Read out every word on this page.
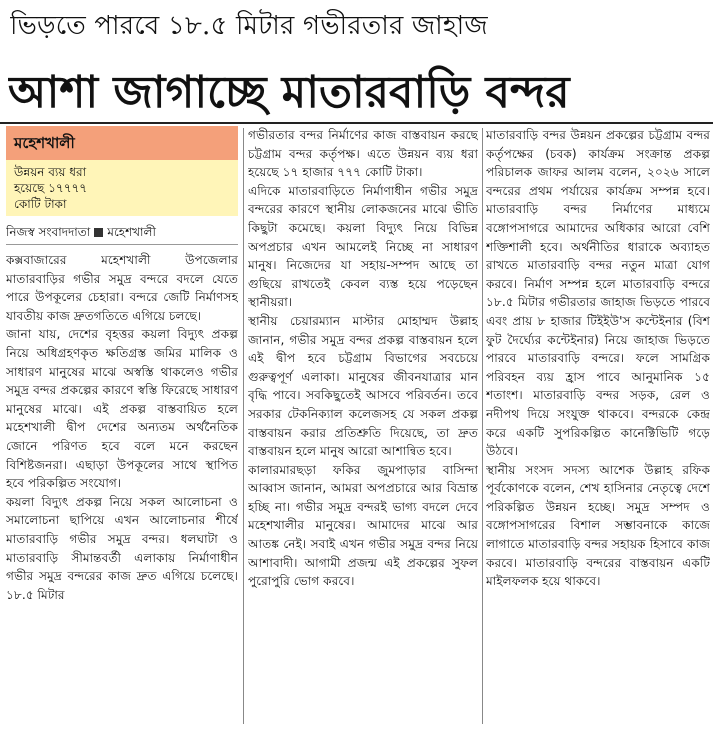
ভিড়তে পারবে ১৮.৫ মিটার গভীরতার জাহাজ
আশা জাগাচ্ছে মাতারবাড়ি বন্দর
মহেশখালী
উন্নয়ন ব্যয় ধরা
হয়েছে ১৭৭৭৭
কোটি টাকা
নিজস্ব সংবাদদাতা মহেশখালী

কক্সবাজারের মহেশখালী উপজেলার মাতারবাড়ির গভীর সমুদ্র বন্দরে বদলে যেতে পারে উপকূলের চেহারা। বন্দরে জেটি নির্মাণসহ যাবতীয় কাজ দ্রুতগতিতে এগিয়ে চলছে।

জানা যায়, দেশের বৃহত্তর কয়লা বিদ্যুৎ প্রকল্প নিয়ে অধিগ্রহণকৃত ক্ষতিগ্রস্ত জমির মালিক ও সাধারণ মানুষের মাঝে অস্বস্তি থাকলেও গভীর সমুদ্র বন্দর প্রকল্পের কারণে স্বস্তি ফিরেছে সাধারণ মানুষের মাঝে। এই প্রকল্প বাস্তবায়িত হলে মহেশখালী দ্বীপ দেশের অন্যতম অর্থনৈতিক জোনে পরিণত হবে বলে মনে করছেন বিশিষ্টজনরা। এছাড়া উপকূলের সাথে স্থাপিত হবে পরিকল্পিত সংযোগ।

কয়লা বিদ্যুৎ প্রকল্প নিয়ে সকল আলোচনা ও সমালোচনা ছাপিয়ে এখন আলোচনার শীর্ষে মাতারবাড়ি গভীর সমুদ্র বন্দর। ধলঘাটা ও মাতারবাড়ি সীমান্তবর্তী এলাকায় নির্মাণাধীন গভীর সমুদ্র বন্দরের কাজ দ্রুত এগিয়ে চলেছে। ১৮.৫ মিটার

গভীরতার বন্দর নির্মাণের কাজ বাস্তবায়ন করছে চট্টগ্রাম বন্দর কর্তৃপক্ষ। এতে উন্নয়ন ব্যয় ধরা হয়েছে ১৭ হাজার ৭৭৭ কোটি টাকা।

এদিকে মাতারবাড়িতে নির্মাণাধীন গভীর সমুদ্র বন্দরের কারণে স্থানীয় লোকজনের মাঝে ভীতি কিছুটা কমেছে। কয়লা বিদ্যুৎ নিয়ে বিভিন্ন অপপ্রচার এখন আমলেই নিচ্ছে না সাধারণ মানুষ। নিজেদের যা সহায়-সম্পদ আছে তা গুছিয়ে রাখতেই কেবল ব্যস্ত হয়ে পড়েছেন স্থানীয়রা।

স্থানীয় চেয়ারম্যান মাস্টার মোহাম্মদ উল্লাহ জানান, গভীর সমুদ্র বন্দর প্রকল্প বাস্তবায়ন হলে এই দ্বীপ হবে চট্টগ্রাম বিভাগের সবচেয়ে গুরুত্বপূর্ণ এলাকা। মানুষের জীবনযাত্রার মান বৃদ্ধি পাবে। সবকিছুতেই আসবে পরিবর্তন। তবে সরকার টেকনিক্যাল কলেজসহ যে সকল প্রকল্প বাস্তবায়ন করার প্রতিশ্রুতি দিয়েছে, তা দ্রুত বাস্তবায়ন হলে মানুষ আরো আশান্বিত হবে।

কালারমারছড়া ফকির জুমপাড়ার বাসিন্দা আব্বাস জানান, আমরা অপপ্রচারে আর বিভ্রান্ত হচ্ছি না। গভীর সমুদ্র বন্দরই ভাগ্য বদলে দেবে মহেশখালীর মানুষের। আমাদের মাঝে আর আতঙ্ক নেই। সবাই এখন গভীর সমুদ্র বন্দর নিয়ে আশাবাদী। আগামী প্রজন্ম এই প্রকল্পের সুফল পুরোপুরি ভোগ করবে।

মাতারবাড়ি বন্দর উন্নয়ন প্রকল্পের চট্টগ্রাম বন্দর কর্তৃপক্ষের (চবক) কার্যক্রম সংক্রান্ত প্রকল্প পরিচালক জাফর আলম বলেন, ২০২৬ সালে বন্দরের প্রথম পর্যায়ের কার্যক্রম সম্পন্ন হবে। মাতারবাড়ি বন্দর নির্মাণের মাধ্যমে বঙ্গোপসাগরে আমাদের অধিকার আরো বেশি শক্তিশালী হবে। অর্থনীতির ধারাকে অব্যাহত রাখতে মাতারবাড়ি বন্দর নতুন মাত্রা যোগ করবে। নির্মাণ সম্পন্ন হলে মাতারবাড়ি বন্দরে ১৮.৫ মিটার গভীরতার জাহাজ ভিড়তে পারবে এবং প্রায় ৮ হাজার টিইইউ'স কন্টেইনার (বিশ ফুট দৈর্ঘ্যের কন্টেইনার) নিয়ে জাহাজ ভিড়তে পারবে মাতারবাড়ি বন্দরে। ফলে সামগ্রিক পরিবহন ব্যয় হ্রাস পাবে আনুমানিক ১৫ শতাংশ। মাতারবাড়ি বন্দর সড়ক, রেল ও নদীপথ দিয়ে সংযুক্ত থাকবে। বন্দরকে কেন্দ্র করে একটি সুপরিকল্পিত কানেক্টিভিটি গড়ে উঠবে।

স্থানীয় সংসদ সদস্য আশেক উল্লাহ রফিক পূর্বকোণকে বলেন, শেখ হাসিনার নেতৃত্বে দেশে পরিকল্পিত উন্নয়ন হচ্ছে। সমুদ্র সম্পদ ও বঙ্গোপসাগরের বিশাল সম্ভাবনাকে কাজে লাগাতে মাতারবাড়ি বন্দর সহায়ক হিসাবে কাজ করবে। মাতারবাড়ি বন্দরের বাস্তবায়ন একটি মাইলফলক হয়ে থাকবে।
